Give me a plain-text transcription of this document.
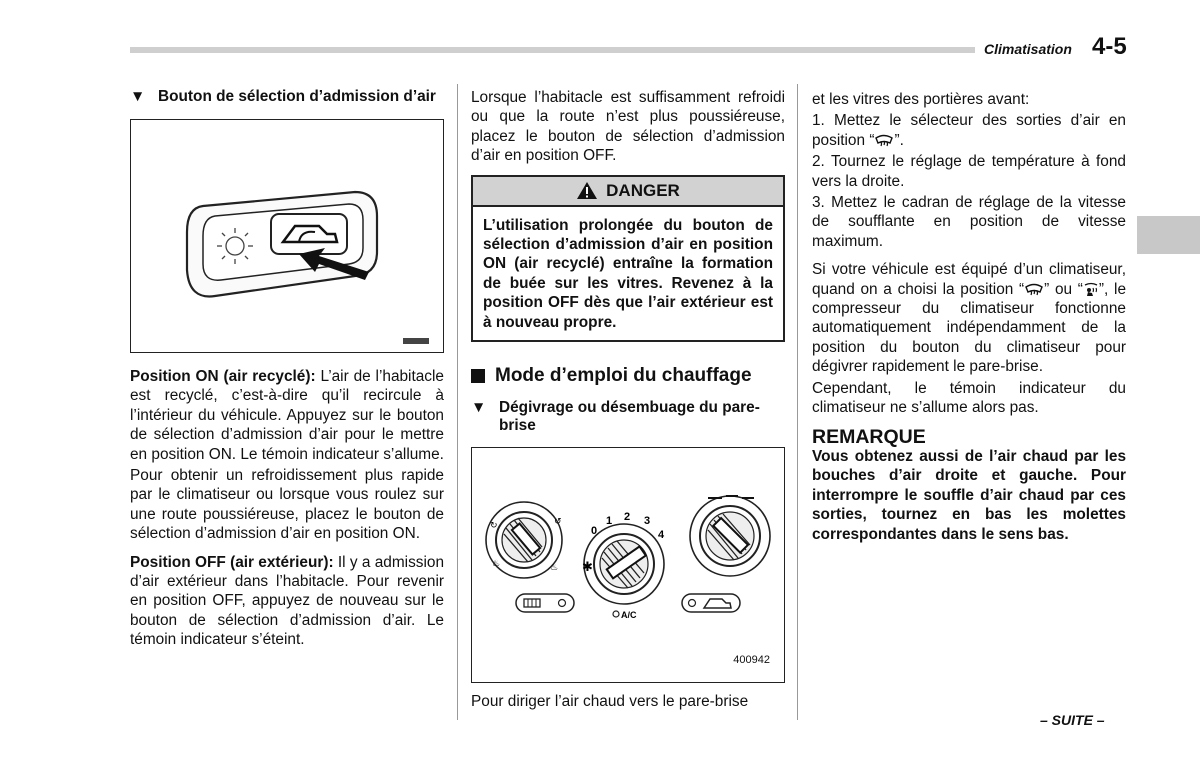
Climatisation 4-5
▼ Bouton de sélection d’admission d’air

Position ON (air recyclé): L’air de l’habitacle est recyclé, c’est-à-dire qu’il recircule à l’intérieur du véhicule. Appuyez sur le bouton de sélection d’admission d’air pour le mettre en position ON. Le témoin indicateur s’allume.

Pour obtenir un refroidissement plus rapide par le climatiseur ou lorsque vous roulez sur une route poussiéreuse, placez le bouton de sélection d’admission d’air en position ON.

Position OFF (air extérieur): Il y a admission d’air extérieur dans l’habitacle. Pour revenir en position OFF, appuyez de nouveau sur le bouton de sélection d’admission d’air. Le témoin indicateur s’éteint.

Lorsque l’habitacle est suffisamment refroidi ou que la route n’est plus poussiéreuse, placez le bouton de sélection d’admission d’air en position OFF.

DANGER
L’utilisation prolongée du bouton de sélection d’admission d’air en position ON (air recyclé) entraîne la formation de buée sur les vitres. Revenez à la position OFF dès que l’air extérieur est à nouveau propre.
Mode d’emploi du chauffage
▼ Dégivrage ou désembuage du pare-brise
↻	↺
♨	♨
0
1 2 3
4
✱
A/C
400942

Pour diriger l’air chaud vers le pare-brise

et les vitres des portières avant:

1. Mettez le sélecteur des sorties d’air en position “ ”.

2. Tournez le réglage de température à fond vers la droite.

3. Mettez le cadran de réglage de la vitesse de soufflante en position de vitesse maximum.

Si votre véhicule est équipé d’un climatiseur, quand on a choisi la position “ ” ou “ ”, le compresseur du climatiseur fonctionne automatiquement indépendamment de la position du bouton du climatiseur pour dégivrer rapidement le pare-brise.

Cependant, le témoin indicateur du climatiseur ne s’allume alors pas.

REMARQUE

Vous obtenez aussi de l’air chaud par les bouches d’air droite et gauche. Pour interrompre le souffle d’air chaud par ces sorties, tournez en bas les molettes correspondantes dans le sens bas.

– SUITE –
